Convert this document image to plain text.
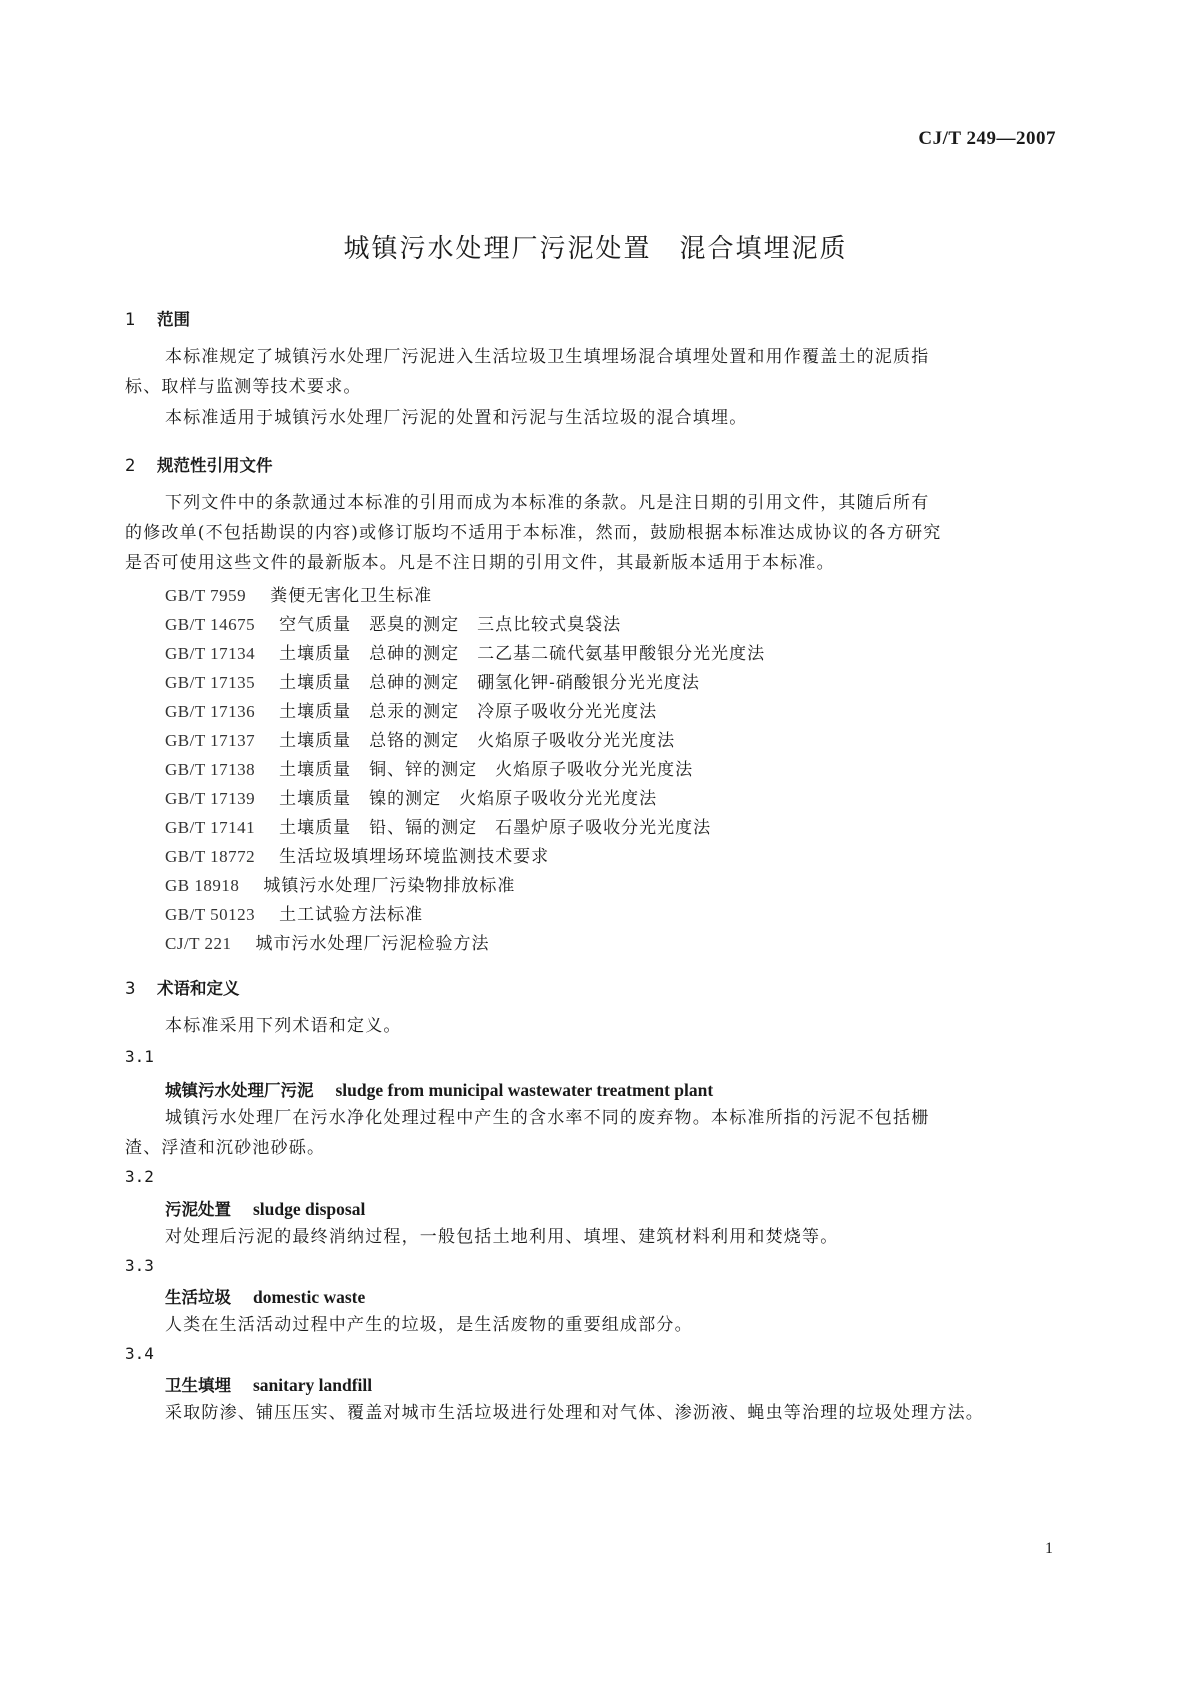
CJ/T 249—2007
城镇污水处理厂污泥处置　混合填埋泥质
1 范围
本标准规定了城镇污水处理厂污泥进入生活垃圾卫生填埋场混合填埋处置和用作覆盖土的泥质指
标、取样与监测等技术要求。
本标准适用于城镇污水处理厂污泥的处置和污泥与生活垃圾的混合填埋。
2 规范性引用文件
下列文件中的条款通过本标准的引用而成为本标准的条款。凡是注日期的引用文件，其随后所有
的修改单(不包括勘误的内容)或修订版均不适用于本标准，然而，鼓励根据本标准达成协议的各方研究
是否可使用这些文件的最新版本。凡是不注日期的引用文件，其最新版本适用于本标准。
GB/T 7959 粪便无害化卫生标准
GB/T 14675 空气质量　恶臭的测定　三点比较式臭袋法
GB/T 17134 土壤质量　总砷的测定　二乙基二硫代氨基甲酸银分光光度法
GB/T 17135 土壤质量　总砷的测定　硼氢化钾-硝酸银分光光度法
GB/T 17136 土壤质量　总汞的测定　冷原子吸收分光光度法
GB/T 17137 土壤质量　总铬的测定　火焰原子吸收分光光度法
GB/T 17138 土壤质量　铜、锌的测定　火焰原子吸收分光光度法
GB/T 17139 土壤质量　镍的测定　火焰原子吸收分光光度法
GB/T 17141 土壤质量　铅、镉的测定　石墨炉原子吸收分光光度法
GB/T 18772 生活垃圾填埋场环境监测技术要求
GB 18918 城镇污水处理厂污染物排放标准
GB/T 50123 土工试验方法标准
CJ/T 221 城市污水处理厂污泥检验方法
3 术语和定义
本标准采用下列术语和定义。
3.1
城镇污水处理厂污泥 sludge from municipal wastewater treatment plant
城镇污水处理厂在污水净化处理过程中产生的含水率不同的废弃物。本标准所指的污泥不包括栅
渣、浮渣和沉砂池砂砾。
3.2
污泥处置 sludge disposal
对处理后污泥的最终消纳过程，一般包括土地利用、填埋、建筑材料利用和焚烧等。
3.3
生活垃圾 domestic waste
人类在生活活动过程中产生的垃圾，是生活废物的重要组成部分。
3.4
卫生填埋 sanitary landfill
采取防渗、铺压压实、覆盖对城市生活垃圾进行处理和对气体、渗沥液、蝇虫等治理的垃圾处理方法。
1
